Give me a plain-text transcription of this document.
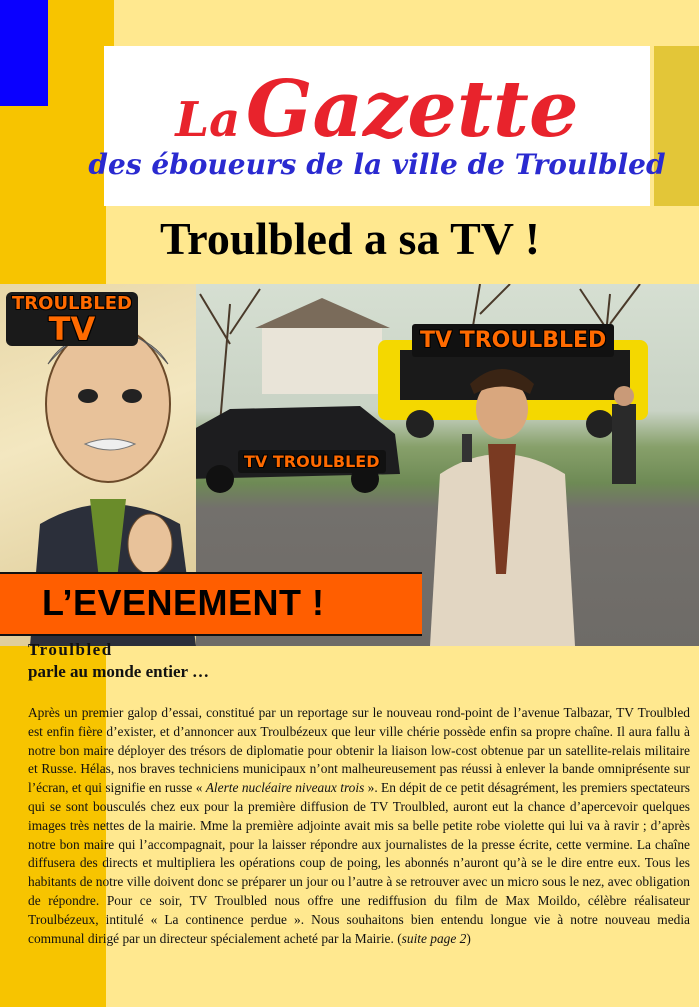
La Gazette
des éboueurs de la ville de Troulbled
Troulbled a sa TV !
TROULBLED
TV	TV TROULBLED
TV TROULBLED
L’EVENEMENT !
Troulbled
parle au monde entier …
Après un premier galop d’essai, constitué par un reportage sur le nouveau rond-point de l’avenue Talbazar, TV Troulbled est enfin fière d’exister, et d’annoncer aux Troulbézeux que leur ville chérie possède enfin sa propre chaîne. Il aura fallu à notre bon maire déployer des trésors de diplomatie pour obtenir la liaison low-cost obtenue par un satellite-relais militaire et Russe. Hélas, nos braves techniciens municipaux n’ont malheureusement pas réussi à enlever la bande omniprésente sur l’écran, et qui signifie en russe « Alerte nucléaire niveaux trois ». En dépit de ce petit désagrément, les premiers spectateurs qui se sont bousculés chez eux pour la première diffusion de TV Troulbled, auront eut la chance d’apercevoir quelques images très nettes de la mairie. Mme la première adjointe avait mis sa belle petite robe violette qui lui va à ravir ; d’après notre bon maire qui l’accompagnait, pour la laisser répondre aux journalistes de la presse écrite, cette vermine. La chaîne diffusera des directs et multipliera les opérations coup de poing, les abonnés n’auront qu’à se le dire entre eux. Tous les habitants de notre ville doivent donc se préparer un jour ou l’autre à se retrouver avec un micro sous le nez, avec obligation de répondre. Pour ce soir, TV Troulbled nous offre une rediffusion du film de Max Moildo, célèbre réalisateur Troulbézeux, intitulé « La continence perdue ». Nous souhaitons bien entendu longue vie à notre nouveau media communal dirigé par un directeur spécialement acheté par la Mairie. (suite page 2)
